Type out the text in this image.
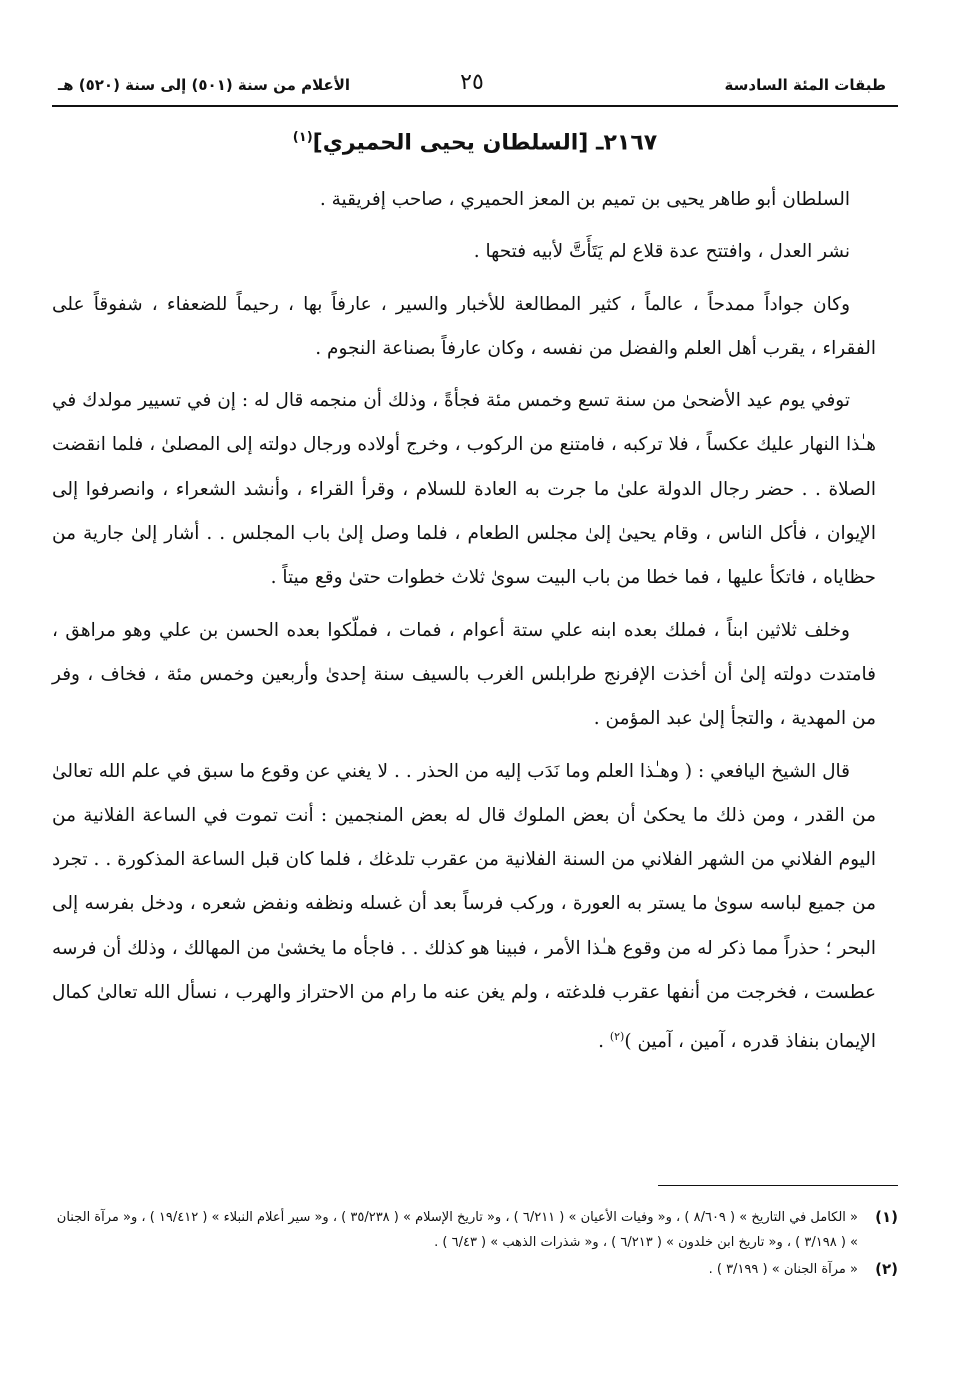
طبقات المئة السادسة
٢٥
الأعلام من سنة (٥٠١) إلى سنة (٥٢٠) هـ
٢١٦٧ـ [السلطان يحيى الحميري]$^{(١)}$

السلطان أبو طاهر يحيى بن تميم بن المعز الحميري ، صاحب إفريقية .

نشر العدل ، وافتتح عدة قلاع لم يَتَأَتَّ لأبيه فتحها .

وكان جواداً ممدحاً ، عالماً ، كثير المطالعة للأخبار والسير ، عارفاً بها ، رحيماً للضعفاء ، شفوقاً على الفقراء ، يقرب أهل العلم والفضل من نفسه ، وكان عارفاً بصناعة النجوم .

توفي يوم عيد الأضحىٰ من سنة تسع وخمس مئة فجأةً ، وذلك أن منجمه قال له : إن في تسيير مولدك في هـٰذا النهار عليك عكساً ، فلا تركبه ، فامتنع من الركوب ، وخرج أولاده ورجال دولته إلى المصلىٰ ، فلما انقضت الصلاة . . حضر رجال الدولة علىٰ ما جرت به العادة للسلام ، وقرأ القراء ، وأنشد الشعراء ، وانصرفوا إلى الإيوان ، فأكل الناس ، وقام يحيىٰ إلىٰ مجلس الطعام ، فلما وصل إلىٰ باب المجلس . . أشار إلىٰ جارية من حظاياه ، فاتكأ عليها ، فما خطا من باب البيت سوىٰ ثلاث خطوات حتىٰ وقع ميتاً .

وخلف ثلاثين ابناً ، فملك بعده ابنه علي ستة أعوام ، فمات ، فملّكوا بعده الحسن بن علي وهو مراهق ، فامتدت دولته إلىٰ أن أخذت الإفرنج طرابلس الغرب بالسيف سنة إحدىٰ وأربعين وخمس مئة ، فخاف ، وفر من المهدية ، والتجأ إلىٰ عبد المؤمن .

قال الشيخ اليافعي : ( وهـٰذا العلم وما نَدَب إليه من الحذر . . لا يغني عن وقوع ما سبق في علم الله تعالىٰ من القدر ، ومن ذلك ما يحكىٰ أن بعض الملوك قال له بعض المنجمين : أنت تموت في الساعة الفلانية من اليوم الفلاني من الشهر الفلاني من السنة الفلانية من عقرب تلدغك ، فلما كان قبل الساعة المذكورة . . تجرد من جميع لباسه سوىٰ ما يستر به العورة ، وركب فرساً بعد أن غسله ونظفه ونفض شعره ، ودخل بفرسه إلى البحر ؛ حذراً مما ذكر له من وقوع هـٰذا الأمر ، فبينا هو كذلك . . فاجأه ما يخشىٰ من المهالك ، وذلك أن فرسه عطست ، فخرجت من أنفها عقرب فلدغته ، ولم يغن عنه ما رام من الاحتراز والهرب ، نسأل الله تعالىٰ كمال الإيمان بنفاذ قدره ، آمين ، آمين )$^{(٢)}$ .

(١)
« الكامل في التاريخ » ( ٨/٦٠٩ ) ، و« وفيات الأعيان » ( ٦/٢١١ ) ، و« تاريخ الإسلام » ( ٣٥/٢٣٨ ) ، و« سير أعلام النبلاء » ( ١٩/٤١٢ ) ، و« مرآة الجنان » ( ٣/١٩٨ ) ، و« تاريخ ابن خلدون » ( ٦/٢١٣ ) ، و« شذرات الذهب » ( ٦/٤٣ ) .
(٢)
« مرآة الجنان » ( ٣/١٩٩ ) .
